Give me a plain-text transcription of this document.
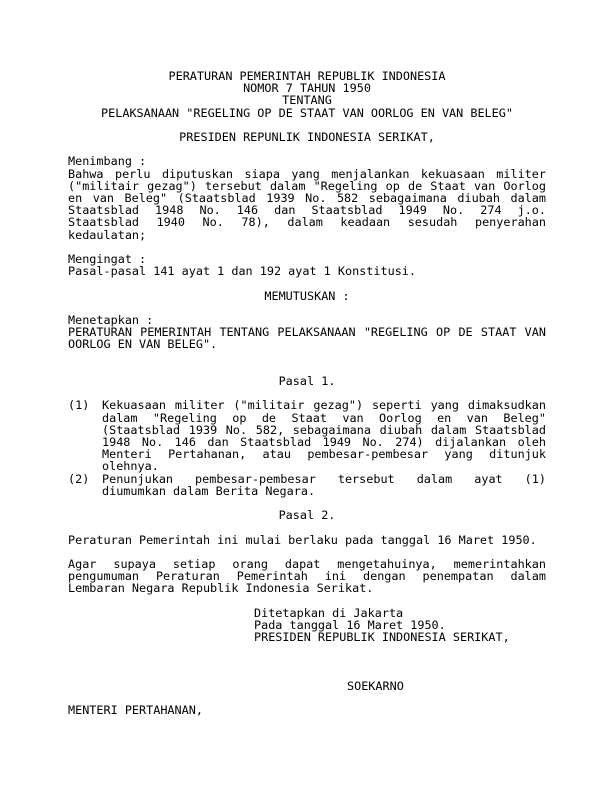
PERATURAN PEMERINTAH REPUBLIK INDONESIA
NOMOR 7 TAHUN 1950
TENTANG
PELAKSANAAN "REGELING OP DE STAAT VAN OORLOG EN VAN BELEG"
PRESIDEN REPUNLIK INDONESIA SERIKAT,
Menimbang :
Bahwa perlu diputuskan siapa yang menjalankan kekuasaan militer
("militair gezag") tersebut dalam "Regeling op de Staat van Oorlog
en van Beleg" (Staatsblad 1939 No. 582 sebagaimana diubah dalam
Staatsblad 1948 No. 146 dan Staatsblad 1949 No. 274 j.o.
Staatsblad 1940 No. 78), dalam keadaan sesudah penyerahan
kedaulatan;
Mengingat :
Pasal-pasal 141 ayat 1 dan 192 ayat 1 Konstitusi.
MEMUTUSKAN :
Menetapkan :
PERATURAN PEMERINTAH TENTANG PELAKSANAAN "REGELING OP DE STAAT VAN
OORLOG EN VAN BELEG".
Pasal 1.
(1)	Kekuasaan militer ("militair gezag") seperti yang dimaksudkan
dalam "Regeling op de Staat van Oorlog en van Beleg"
(Staatsblad 1939 No. 582, sebagaimana diubah dalam Staatsblad
1948 No. 146 dan Staatsblad 1949 No. 274) dijalankan oleh
Menteri Pertahanan, atau pembesar-pembesar yang ditunjuk
olehnya.
(2)	Penunjukan pembesar-pembesar tersebut dalam ayat (1)
diumumkan dalam Berita Negara.
Pasal 2.
Peraturan Pemerintah ini mulai berlaku pada tanggal 16 Maret 1950.
Agar supaya setiap orang dapat mengetahuinya, memerintahkan
pengumuman Peraturan Pemerintah ini dengan penempatan dalam
Lembaran Negara Republik Indonesia Serikat.
Ditetapkan di Jakarta
Pada tanggal 16 Maret 1950.
PRESIDEN REPUBLIK INDONESIA SERIKAT,
SOEKARNO
MENTERI PERTAHANAN,
